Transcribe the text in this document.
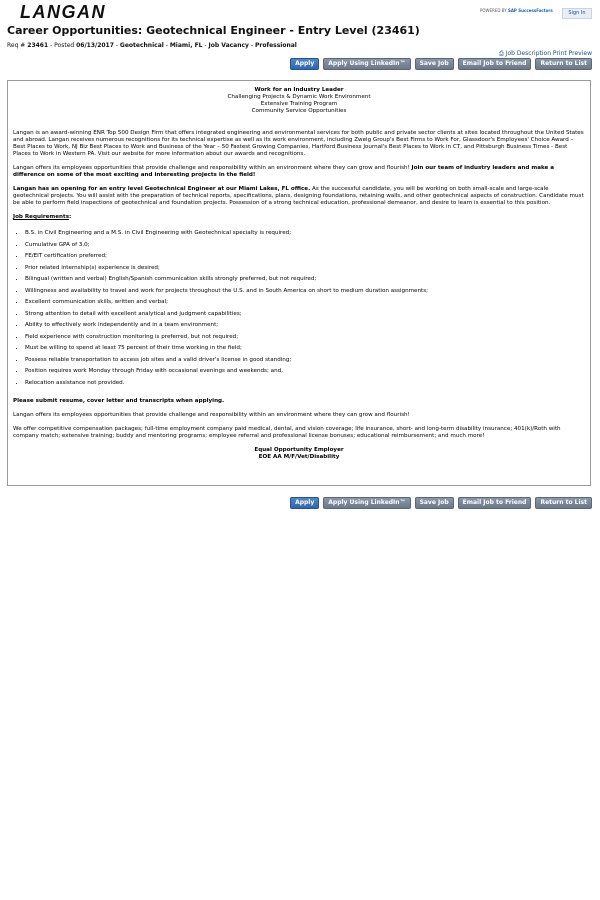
LANGAN	POWERED BY SAP SuccessFactors	Sign In
Career Opportunities: Geotechnical Engineer - Entry Level (23461)
Req # 23461 - Posted 06/13/2017 - Geotechnical - Miami, FL - Job Vacancy - Professional
⎙ Job Description Print Preview
Apply	Apply Using LinkedIn™	Save Job	Email Job to Friend	Return to List
Work for an Industry Leader
Challenging Projects & Dynamic Work Environment
Extensive Training Program
Community Service Opportunities

Langan is an award-winning ENR Top 500 Design Firm that offers integrated engineering and environmental services for both public and private sector clients at sites located throughout the United States and abroad. Langan receives numerous recognitions for its technical expertise as well as its work environment, including Zweig Group's Best Firms to Work For, Glassdoor's Employees' Choice Award – Best Places to Work, NJ Biz Best Places to Work and Business of the Year – 50 Fastest Growing Companies, Hartford Business Journal's Best Places to Work in CT, and Pittsburgh Business Times - Best Places to Work in Western PA. Visit our website for more information about our awards and recognitions.

Langan offers its employees opportunities that provide challenge and responsibility within an environment where they can grow and flourish! Join our team of industry leaders and make a difference on some of the most exciting and interesting projects in the field!

Langan has an opening for an entry level Geotechnical Engineer at our Miami Lakes, FL office. As the successful candidate, you will be working on both small-scale and large-scale geotechnical projects. You will assist with the preparation of technical reports, specifications, plans, designing foundations, retaining walls, and other geotechnical aspects of construction. Candidate must be able to perform field inspections of geotechnical and foundation projects. Possession of a strong technical education, professional demeanor, and desire to learn is essential to this position.

Job Requirements:

• B.S. in Civil Engineering and a M.S. in Civil Engineering with Geotechnical specialty is required;
• Cumulative GPA of 3.0;
• FE/EIT certification preferred;
• Prior related internship(s) experience is desired;
• Bilingual (written and verbal) English/Spanish communication skills strongly preferred, but not required;
• Willingness and availability to travel and work for projects throughout the U.S. and in South America on short to medium duration assignments;
• Excellent communication skills, written and verbal;
• Strong attention to detail with excellent analytical and judgment capabilities;
• Ability to effectively work independently and in a team environment;
• Field experience with construction monitoring is preferred, but not required;
• Must be willing to spend at least 75 percent of their time working in the field;
• Possess reliable transportation to access job sites and a valid driver's license in good standing;
• Position requires work Monday through Friday with occasional evenings and weekends; and,
• Relocation assistance not provided.

Please submit resume, cover letter and transcripts when applying.

Langan offers its employees opportunities that provide challenge and responsibility within an environment where they can grow and flourish!

We offer competitive compensation packages; full-time employment company paid medical, dental, and vision coverage; life insurance, short- and long-term disability insurance; 401(k)/Roth with company match; extensive training; buddy and mentoring programs; employee referral and professional license bonuses; educational reimbursement; and much more!

Equal Opportunity Employer
EOE AA M/F/Vet/Disability
Apply	Apply Using LinkedIn™	Save Job	Email Job to Friend	Return to List
